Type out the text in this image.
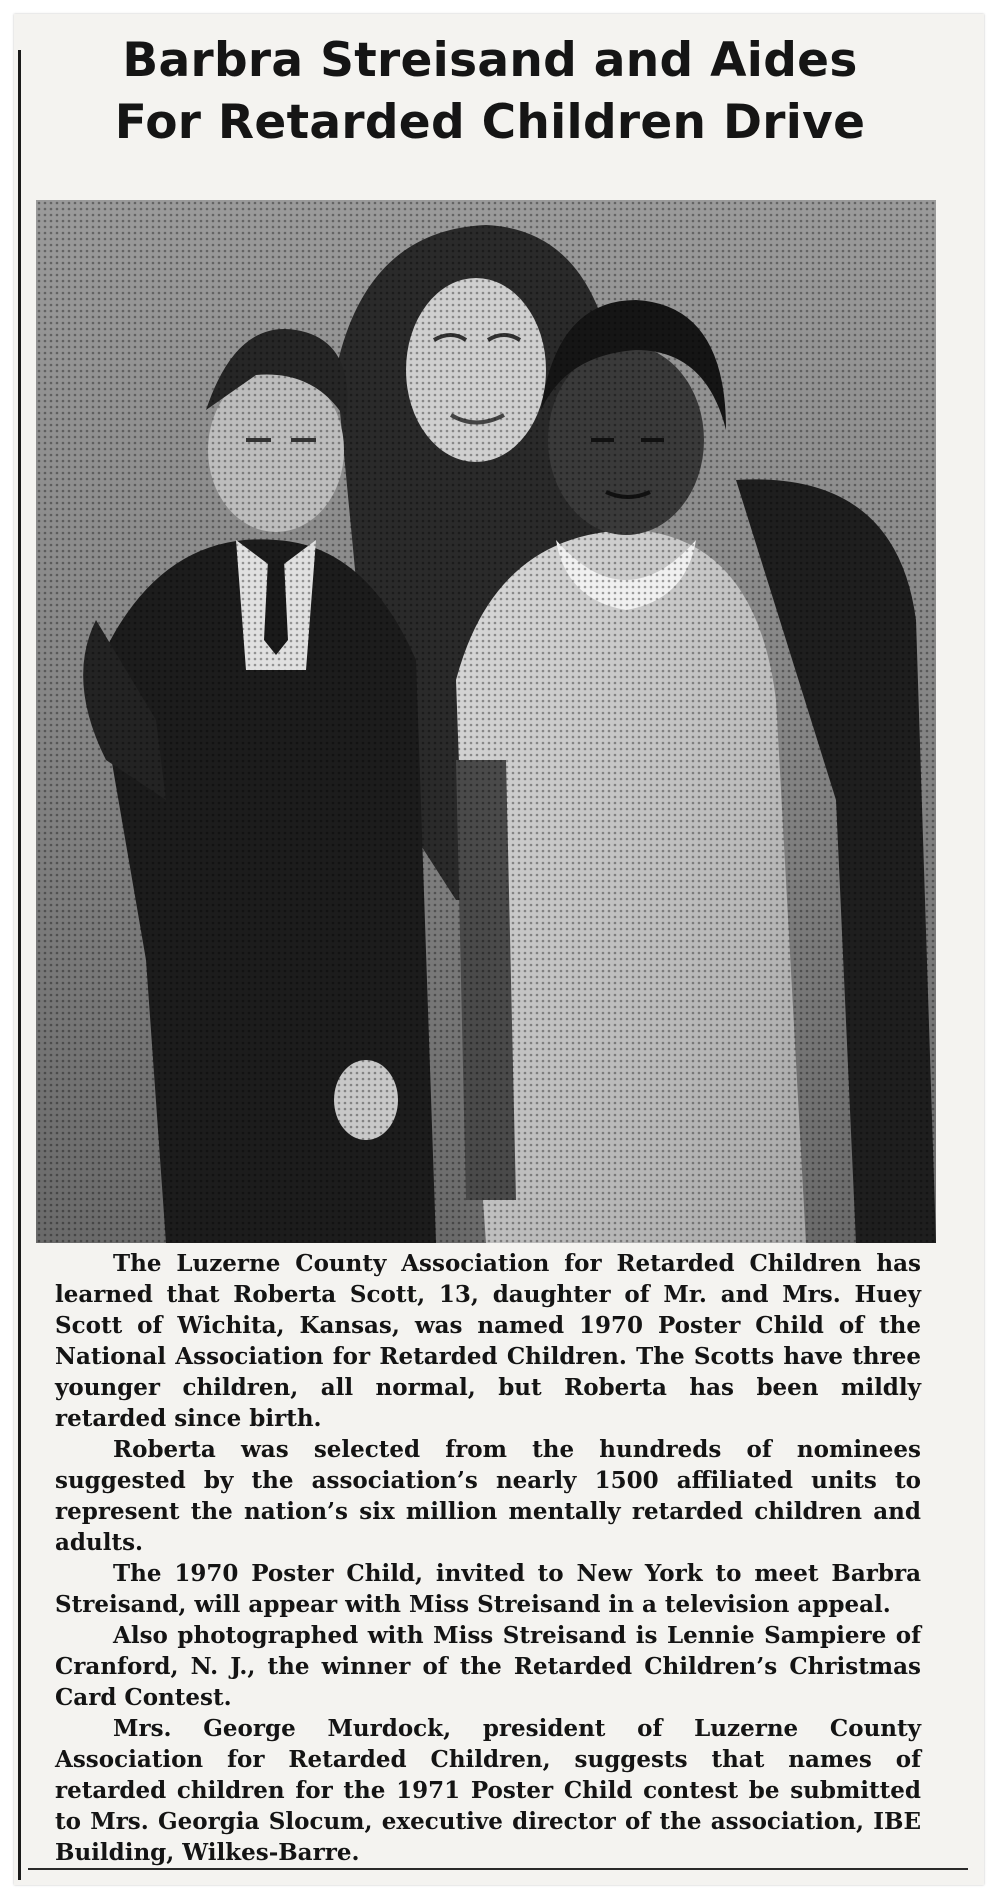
Barbra Streisand and Aides
For Retarded Children Drive

The Luzerne County Association for Retarded Children has learned that Roberta Scott, 13, daughter of Mr. and Mrs. Huey Scott of Wichita, Kansas, was named 1970 Poster Child of the National Association for Retarded Children. The Scotts have three younger children, all normal, but Roberta has been mildly retarded since birth.

Roberta was selected from the hundreds of nominees suggested by the association’s nearly 1500 affiliated units to represent the nation’s six million mentally retarded children and adults.

The 1970 Poster Child, invited to New York to meet Barbra Streisand, will appear with Miss Streisand in a television appeal.

Also photographed with Miss Streisand is Lennie Sampiere of Cranford, N. J., the winner of the Retarded Children’s Christmas Card Contest.

Mrs. George Murdock, president of Luzerne County Association for Retarded Children, suggests that names of retarded children for the 1971 Poster Child contest be submitted to Mrs. Georgia Slocum, executive director of the association, IBE Building, Wilkes-Barre.
